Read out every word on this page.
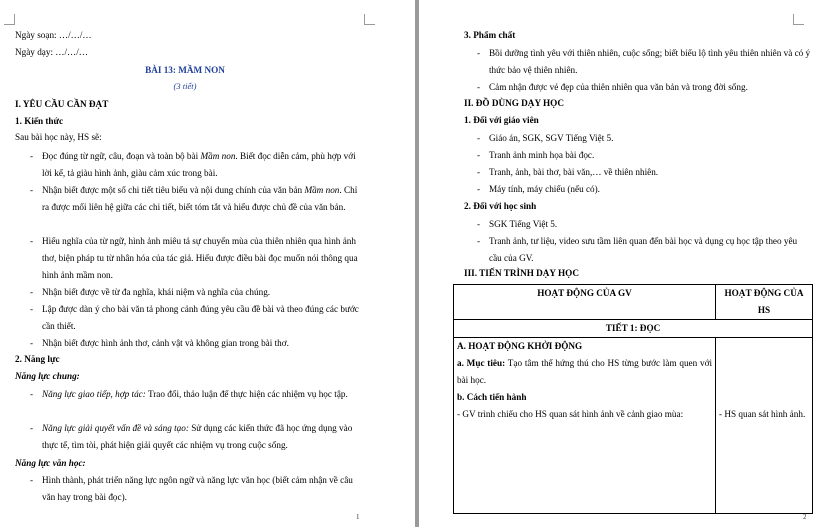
Ngày soạn: …/…/…
Ngày dạy: …/…/…
BÀI 13: MẦM NON
(3 tiết)
I. YÊU CẦU CẦN ĐẠT
1. Kiến thức
Sau bài học này, HS sẽ:
- Đọc đúng từ ngữ, câu, đoạn và toàn bộ bài Mầm non. Biết đọc diễn cảm, phù hợp với lời kể, tả giàu hình ảnh, giàu cảm xúc trong bài.
- Nhận biết được một số chi tiết tiêu biểu và nội dung chính của văn bản Mầm non. Chỉ ra được mối liên hệ giữa các chi tiết, biết tóm tắt và hiểu được chủ đề của văn bản.
- Hiểu nghĩa của từ ngữ, hình ảnh miêu tả sự chuyển mùa của thiên nhiên qua hình ảnh thơ, biện pháp tu từ nhân hóa của tác giả. Hiểu được điều bài đọc muốn nói thông qua hình ảnh mầm non.
- Nhận biết được về từ đa nghĩa, khái niệm và nghĩa của chúng.
- Lập được dàn ý cho bài văn tả phong cảnh đúng yêu cầu đề bài và theo đúng các bước cần thiết.
- Nhận biết được hình ảnh thơ, cảnh vật và không gian trong bài thơ.
2. Năng lực
Năng lực chung:
- Năng lực giao tiếp, hợp tác: Trao đổi, thảo luận để thực hiện các nhiệm vụ học tập.
- Năng lực giải quyết vấn đề và sáng tạo: Sử dụng các kiến thức đã học ứng dụng vào thực tế, tìm tòi, phát hiện giải quyết các nhiệm vụ trong cuộc sống.
Năng lực văn học:
- Hình thành, phát triển năng lực ngôn ngữ và năng lực văn học (biết cảm nhận về câu văn hay trong bài đọc).
1
3. Phẩm chất
- Bồi dưỡng tình yêu với thiên nhiên, cuộc sống; biết biểu lộ tình yêu thiên nhiên và có ý thức bảo vệ thiên nhiên.
- Cảm nhận được vẻ đẹp của thiên nhiên qua văn bản và trong đời sống.
II. ĐỒ DÙNG DẠY HỌC
1. Đối với giáo viên
- Giáo án, SGK, SGV Tiếng Việt 5.
- Tranh ảnh minh họa bài đọc.
- Tranh, ảnh, bài thơ, bài văn,… về thiên nhiên.
- Máy tính, máy chiếu (nếu có).
2. Đối với học sinh
- SGK Tiếng Việt 5.
- Tranh ảnh, tư liệu, video sưu tầm liên quan đến bài học và dụng cụ học tập theo yêu cầu của GV.
III. TIẾN TRÌNH DẠY HỌC
HOẠT ĐỘNG CỦA GV	HOẠT ĐỘNG CỦA HS
TIẾT 1: ĐỌC	

A. HOẠT ĐỘNG KHỞI ĐỘNG
a. Mục tiêu: Tạo tâm thế hứng thú cho HS từng bước làm quen với bài học.
b. Cách tiến hành
- GV trình chiếu cho HS quan sát hình ảnh về cảnh giao mùa:	- HS quan sát hình ảnh.
2
